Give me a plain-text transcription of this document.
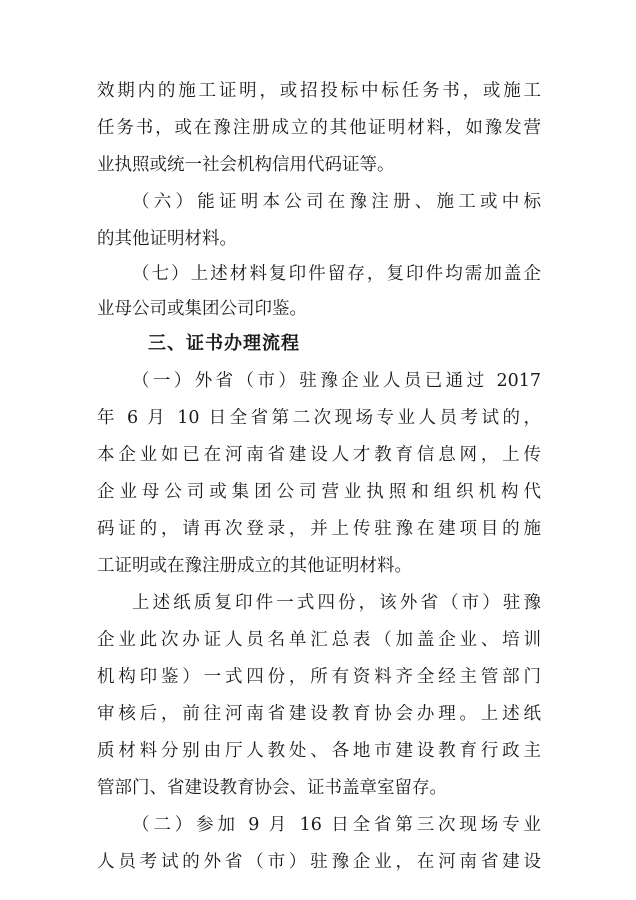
效期内的施工证明，或招投标中标任务书，或施工
任务书，或在豫注册成立的其他证明材料，如豫发营
业执照或统一社会机构信用代码证等。
（六）能证明本公司在豫注册、施工或中标
的其他证明材料。
（七）上述材料复印件留存，复印件均需加盖企
业母公司或集团公司印鉴。
三、证书办理流程
（一）外省（市）驻豫企业人员已通过 2017
年 6 月 10 日全省第二次现场专业人员考试的，
本企业如已在河南省建设人才教育信息网，上传
企业母公司或集团公司营业执照和组织机构代
码证的，请再次登录，并上传驻豫在建项目的施
工证明或在豫注册成立的其他证明材料。
上述纸质复印件一式四份，该外省（市）驻豫
企业此次办证人员名单汇总表（加盖企业、培训
机构印鉴）一式四份，所有资料齐全经主管部门
审核后，前往河南省建设教育协会办理。上述纸
质材料分别由厅人教处、各地市建设教育行政主
管部门、省建设教育协会、证书盖章室留存。
（二）参加 9 月 16 日全省第三次现场专业
人员考试的外省（市）驻豫企业，在河南省建设
